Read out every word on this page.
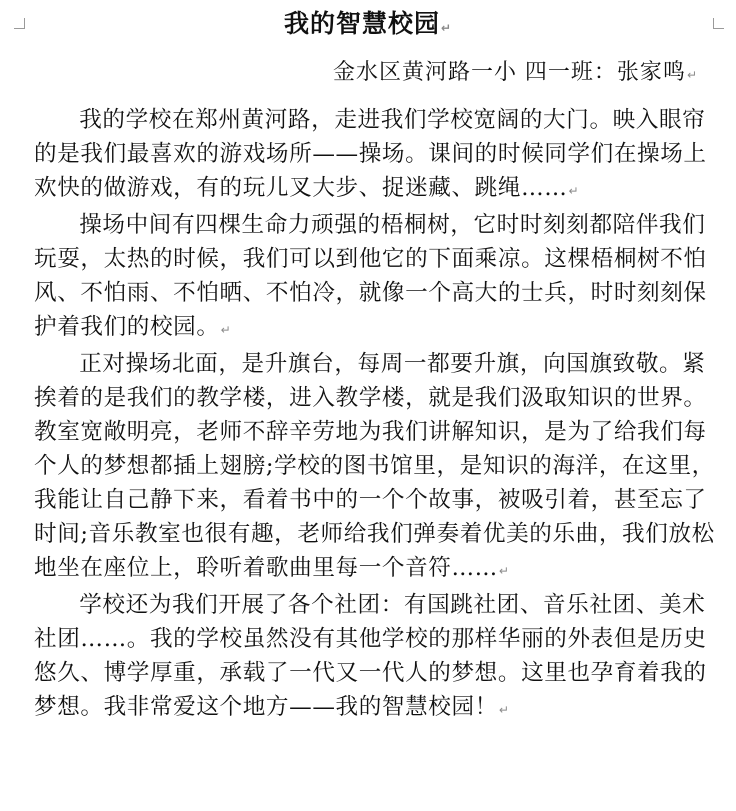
我的智慧校园↵
金水区黄河路一小 四一班：张家鸣↵

我的学校在郑州黄河路，走进我们学校宽阔的大门。映入眼帘的是我们最喜欢的游戏场所——操场。课间的时候同学们在操场上欢快的做游戏，有的玩儿叉大步、捉迷藏、跳绳……↵

操场中间有四棵生命力顽强的梧桐树，它时时刻刻都陪伴我们玩耍，太热的时候，我们可以到他它的下面乘凉。这棵梧桐树不怕风、不怕雨、不怕晒、不怕冷，就像一个高大的士兵，时时刻刻保护着我们的校园。↵

正对操场北面，是升旗台，每周一都要升旗，向国旗致敬。紧挨着的是我们的教学楼，进入教学楼，就是我们汲取知识的世界。教室宽敞明亮，老师不辞辛劳地为我们讲解知识，是为了给我们每个人的梦想都插上翅膀;学校的图书馆里，是知识的海洋，在这里，我能让自己静下来，看着书中的一个个故事，被吸引着，甚至忘了时间;音乐教室也很有趣，老师给我们弹奏着优美的乐曲，我们放松地坐在座位上，聆听着歌曲里每一个音符……↵

学校还为我们开展了各个社团：有国跳社团、音乐社团、美术社团……。我的学校虽然没有其他学校的那样华丽的外表但是历史悠久、博学厚重，承载了一代又一代人的梦想。这里也孕育着我的梦想。我非常爱这个地方——我的智慧校园！↵
